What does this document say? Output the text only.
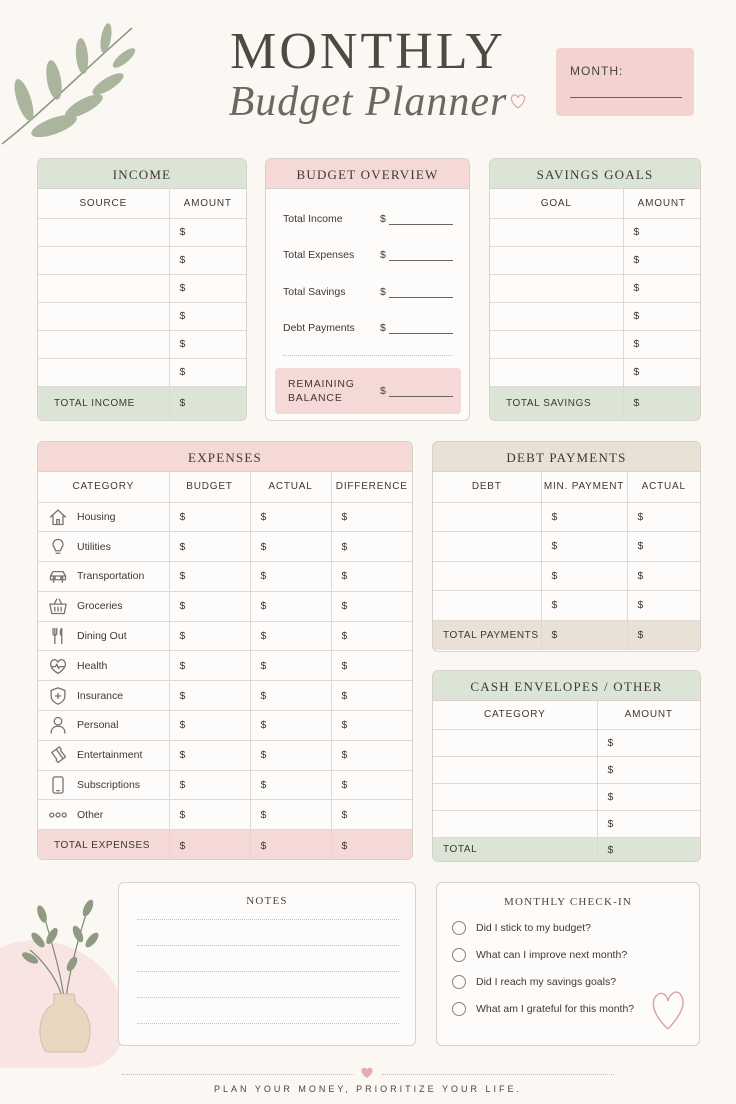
MONTHLY
Budget Planner
MONTH:
INCOME
SOURCE	AMOUNT
	$
	$
	$
	$
	$
	$
TOTAL INCOME	$
BUDGET OVERVIEW
Total Income	$
Total Expenses $
Total Savings	$
Debt Payments $
REMAINING
BALANCE
$
SAVINGS GOALS
GOAL	AMOUNT
	$
	$
	$
	$
	$
	$
TOTAL SAVINGS	$
EXPENSES
CATEGORY	BUDGET	ACTUAL	DIFFERENCE
Housing	$	$	$
Utilities	$	$	$
Transportation	$	$	$
Groceries	$	$	$
Dining Out	$	$	$
Health	$	$	$
Insurance	$	$	$
Personal	$	$	$
Entertainment	$	$	$
Subscriptions	$	$	$
Other	$	$	$
TOTAL EXPENSES	$	$	$
DEBT PAYMENTS
DEBT	MIN. PAYMENT	ACTUAL
	$	$
	$	$
	$	$
	$	$
TOTAL PAYMENTS	$	$
CASH ENVELOPES / OTHER
CATEGORY	AMOUNT
	$
	$
	$
	$
TOTAL	$
NOTES	MONTHLY CHECK-IN
Did I stick to my budget?
What can I improve next month?
Did I reach my savings goals?
What am I grateful for this month?
PLAN YOUR MONEY, PRIORITIZE YOUR LIFE.
